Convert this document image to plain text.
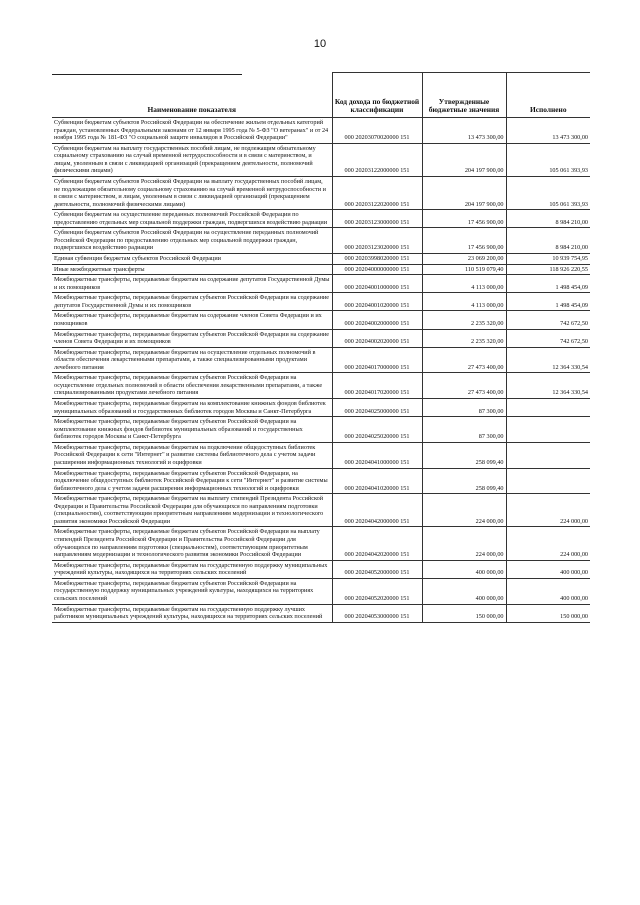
10
Наименование показателя	Код дохода по бюджетной классификации	Утвержденные бюджетные значения	Исполнено
Субвенции бюджетам субъектов Российской Федерации на обеспечение жильем отдельных категорий граждан, установленных Федеральными законами от 12 января 1995 года № 5-ФЗ "О ветеранах" и от 24 ноября 1995 года № 181-ФЗ "О социальной защите инвалидов в Российской Федерации"	000 20203070020000 151	13 473 300,00	13 473 300,00
Субвенции бюджетам на выплату государственных пособий лицам, не подлежащим обязательному социальному страхованию на случай временной нетрудоспособности и в связи с материнством, и лицам, уволенным в связи с ликвидацией организаций (прекращением деятельности, полномочий физическими лицами)	000 20203122000000 151	204 197 900,00	105 061 393,93
Субвенции бюджетам субъектов Российской Федерации на выплату государственных пособий лицам, не подлежащим обязательному социальному страхованию на случай временной нетрудоспособности и в связи с материнством, и лицам, уволенным в связи с ликвидацией организаций (прекращением деятельности, полномочий физическими лицами)	000 20203122020000 151	204 197 900,00	105 061 393,93
Субвенции бюджетам на осуществление переданных полномочий Российской Федерации по предоставлению отдельных мер социальной поддержки граждан, подвергшихся воздействию радиации	000 20203123000000 151	17 456 900,00	8 984 210,00
Субвенции бюджетам субъектов Российской Федерации на осуществление переданных полномочий Российской Федерации по предоставлению отдельных мер социальной поддержки граждан, подвергшихся воздействию радиации	000 20203123020000 151	17 456 900,00	8 984 210,00
Единая субвенция бюджетам субъектов Российской Федерации	000 20203998020000 151	23 069 200,00	10 939 754,95
Иные межбюджетные трансферты	000 20204000000000 151	110 519 079,40	118 926 220,55
Межбюджетные трансферты, передаваемые бюджетам на содержание депутатов Государственной Думы и их помощников	000 20204001000000 151	4 113 000,00	1 498 454,09
Межбюджетные трансферты, передаваемые бюджетам субъектов Российской Федерации на содержание депутатов Государственной Думы и их помощников	000 20204001020000 151	4 113 000,00	1 498 454,09
Межбюджетные трансферты, передаваемые бюджетам на содержание членов Совета Федерации и их помощников	000 20204002000000 151	2 235 320,00	742 672,50
Межбюджетные трансферты, передаваемые бюджетам субъектов Российской Федерации на содержание членов Совета Федерации и их помощников	000 20204002020000 151	2 235 320,00	742 672,50
Межбюджетные трансферты, передаваемые бюджетам на осуществление отдельных полномочий в области обеспечения лекарственными препаратами, а также специализированными продуктами лечебного питания	000 20204017000000 151	27 473 400,00	12 364 330,54
Межбюджетные трансферты, передаваемые бюджетам субъектов Российской Федерации на осуществление отдельных полномочий в области обеспечения лекарственными препаратами, а также специализированными продуктами лечебного питания	000 20204017020000 151	27 473 400,00	12 364 330,54
Межбюджетные трансферты, передаваемые бюджетам на комплектование книжных фондов библиотек муниципальных образований и государственных библиотек городов Москвы и Санкт-Петербурга	000 20204025000000 151	87 300,00	
Межбюджетные трансферты, передаваемые бюджетам субъектов Российской Федерации на комплектование книжных фондов библиотек муниципальных образований и государственных библиотек городов Москвы и Санкт-Петербурга	000 20204025020000 151	87 300,00	
Межбюджетные трансферты, передаваемые бюджетам на подключение общедоступных библиотек Российской Федерации к сети "Интернет" и развитие системы библиотечного дела с учетом задачи расширения информационных технологий и оцифровки	000 20204041000000 151	258 099,40	
Межбюджетные трансферты, передаваемые бюджетам субъектов Российской Федерации, на подключение общедоступных библиотек Российской Федерации к сети "Интернет" и развитие системы библиотечного дела с учетом задачи расширения информационных технологий и оцифровки	000 20204041020000 151	258 099,40	
Межбюджетные трансферты, передаваемые бюджетам на выплату стипендий Президента Российской Федерации и Правительства Российской Федерации для обучающихся по направлениям подготовки (специальностям), соответствующим приоритетным направлениям модернизации и технологического развития экономики Российской Федерации	000 20204042000000 151	224 000,00	224 000,00
Межбюджетные трансферты, передаваемые бюджетам субъектов Российской Федерации на выплату стипендий Президента Российской Федерации и Правительства Российской Федерации для обучающихся по направлениям подготовки (специальностям), соответствующим приоритетным направлениям модернизации и технологического развития экономики Российской Федерации	000 20204042020000 151	224 000,00	224 000,00
Межбюджетные трансферты, передаваемые бюджетам на государственную поддержку муниципальных учреждений культуры, находящихся на территориях сельских поселений	000 20204052000000 151	400 000,00	400 000,00
Межбюджетные трансферты, передаваемые бюджетам субъектов Российской Федерации на государственную поддержку муниципальных учреждений культуры, находящихся на территориях сельских поселений	000 20204052020000 151	400 000,00	400 000,00
Межбюджетные трансферты, передаваемые бюджетам на государственную поддержку лучших работников муниципальных учреждений культуры, находящихся на территориях сельских поселений	000 20204053000000 151	150 000,00	150 000,00
